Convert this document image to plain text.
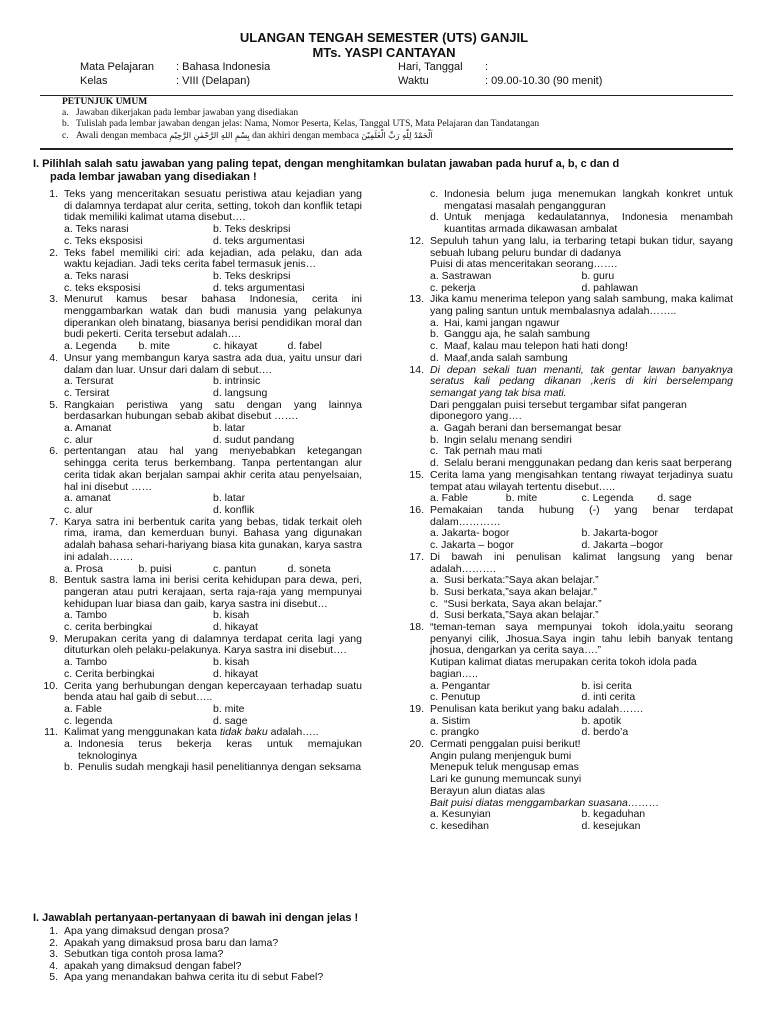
ULANGAN TENGAH SEMESTER (UTS) GANJIL
MTs. YASPI CANTAYAN
Mata Pelajaran : Bahasa Indonesia
Kelas	: VIII (Delapan)
Hari, Tanggal :
Waktu	: 09.00-10.30 (90 menit)
PETUNJUK UMUM
a. Jawaban dikerjakan pada lembar jawaban yang disediakan
b. Tulislah pada lembar jawaban dengan jelas: Nama, Nomor Peserta, Kelas, Tanggal UTS, Mata Pelajaran dan Tandatangan
c. Awali dengan membaca بِسْمِ اللهِ الرَّحْمٰنِ الرَّحِيْمِ dan akhiri dengan membaca اَلْحَمْدُ لِلّٰهِ رَبِّ الْعٰلَمِيْنَ
I. Pilihlah salah satu jawaban yang paling tepat, dengan menghitamkan bulatan jawaban pada huruf a, b, c dan d
pada lembar jawaban yang disediakan !
1. Teks yang menceritakan sesuatu peristiwa atau kejadian yang di dalamnya terdapat alur cerita, setting, tokoh dan konflik tetapi tidak memiliki kalimat utama disebut….
a. Teks narasi	b. Teks deskripsi
c. Teks eksposisi	d. teks argumentasi
2. Teks fabel memiliki ciri: ada kejadian, ada pelaku, dan ada waktu kejadian. Jadi teks cerita fabel termasuk jenis…
a. Teks narasi	b. Teks deskripsi
c. teks eksposisi	d. teks argumentasi
3. Menurut kamus besar bahasa Indonesia, cerita ini menggambarkan watak dan budi manusia yang pelakunya diperankan oleh binatang, biasanya berisi pendidikan moral dan budi pekerti. Cerita tersebut adalah….
a. Legenda	b. mite	c. hikayat	d. fabel
4. Unsur yang membangun karya sastra ada dua, yaitu unsur dari dalam dan luar. Unsur dari dalam di sebut….
a. Tersurat	b. intrinsic
c. Tersirat	d. langsung
5. Rangkaian peristiwa yang satu dengan yang lainnya berdasarkan hubungan sebab akibat disebut …….
a. Amanat	b. latar
c. alur	d. sudut pandang
6. pertentangan atau hal yang menyebabkan ketegangan sehingga cerita terus berkembang. Tanpa pertentangan alur cerita tidak akan berjalan sampai akhir cerita atau penyelsaian, hal ini disebut ……
a. amanat	b. latar
c. alur	d. konflik
7. Karya satra ini berbentuk carita yang bebas, tidak terkait oleh rima, irama, dan kemerduan bunyi. Bahasa yang digunakan adalah bahasa sehari-hariyang biasa kita gunakan, karya sastra ini adalah…….
a. Prosa	b. puisi	c. pantun	d. soneta
8. Bentuk sastra lama ini berisi cerita kehidupan para dewa, peri, pangeran atau putri kerajaan, serta raja-raja yang mempunyai kehidupan luar biasa dan gaib, karya sastra ini disebut…
a. Tambo	b. kisah
c. cerita berbingkai	d. hikayat
9. Merupakan cerita yang di dalamnya terdapat cerita lagi yang dituturkan oleh pelaku-pelakunya. Karya sastra ini disebut….
a. Tambo	b. kisah
c. Cerita berbingkai	d. hikayat
10. Cerita yang berhubungan dengan kepercayaan terhadap suatu benda atau hal gaib di sebut…..
a. Fable	b. mite
c. legenda	d. sage
11. Kalimat yang menggunakan kata tidak baku adalah…..
a. Indonesia terus bekerja keras untuk memajukan teknologinya
b. Penulis sudah mengkaji hasil penelitiannya dengan seksama
c. Indonesia belum juga menemukan langkah konkret untuk mengatasi masalah pengangguran
d. Untuk menjaga kedaulatannya, Indonesia menambah kuantitas armada dikawasan ambalat
12. Sepuluh tahun yang lalu, ia terbaring tetapi bukan tidur, sayang sebuah lubang peluru bundar di dadanya
Puisi di atas menceritakan seorang…….
a. Sastrawan	b. guru
c. pekerja	d. pahlawan
13. Jika kamu menerima telepon yang salah sambung, maka kalimat yang paling santun untuk membalasnya adalah……..
a. Hai, kami jangan ngawur
b. Ganggu aja, he salah sambung
c. Maaf, kalau mau telepon hati hati dong!
d. Maaf,anda salah sambung
14. Di depan sekali tuan menanti, tak gentar lawan banyaknya seratus kali pedang dikanan ,keris di kiri berselempang semangat yang tak bisa mati.
Dari penggalan puisi tersebut tergambar sifat pangeran diponegoro yang….
a. Gagah berani dan bersemangat besar
b. Ingin selalu menang sendiri
c. Tak pernah mau mati
d. Selalu berani menggunakan pedang dan keris saat berperang
15. Cerita lama yang mengisahkan tentang riwayat terjadinya suatu tempat atau wilayah tertentu disebut…..
a. Fable	b. mite	c. Legenda	d. sage
16. Pemakaian tanda hubung (-) yang benar terdapat dalam…………
a. Jakarta- bogor	b. Jakarta-bogor
c. Jakarta – bogor	d. Jakarta –bogor
17. Di bawah ini penulisan kalimat langsung yang benar adalah……….
a. Susi berkata:”Saya akan belajar.”
b. Susi berkata,”saya akan belajar.”
c. “Susi berkata, Saya akan belajar.”
d. Susi berkata,”Saya akan belajar.”
18. “teman-teman saya mempunyai tokoh idola,yaitu seorang penyanyi cilik, Jhosua.Saya ingin tahu lebih banyak tentang jhosua, dengarkan ya cerita saya….”
Kutipan kalimat diatas merupakan cerita tokoh idola pada bagian…..
a. Pengantar	b. isi cerita
c. Penutup	d. inti cerita
19. Penulisan kata berikut yang baku adalah…….
a. Sistim	b. apotik
c. prangko	d. berdo’a
20. Cermati penggalan puisi berikut!
Angin pulang menjenguk bumi
Menepuk teluk mengusap emas
Lari ke gunung memuncak sunyi
Berayun alun diatas alas
Bait puisi diatas menggambarkan suasana………
a. Kesunyian	b. kegaduhan
c. kesedihan	d. kesejukan
I. Jawablah pertanyaan-pertanyaan di bawah ini dengan jelas !
1. Apa yang dimaksud dengan prosa?
2. Apakah yang dimaksud prosa baru dan lama?
3. Sebutkan tiga contoh prosa lama?
4. apakah yang dimaksud dengan fabel?
5. Apa yang menandakan bahwa cerita itu di sebut Fabel?
